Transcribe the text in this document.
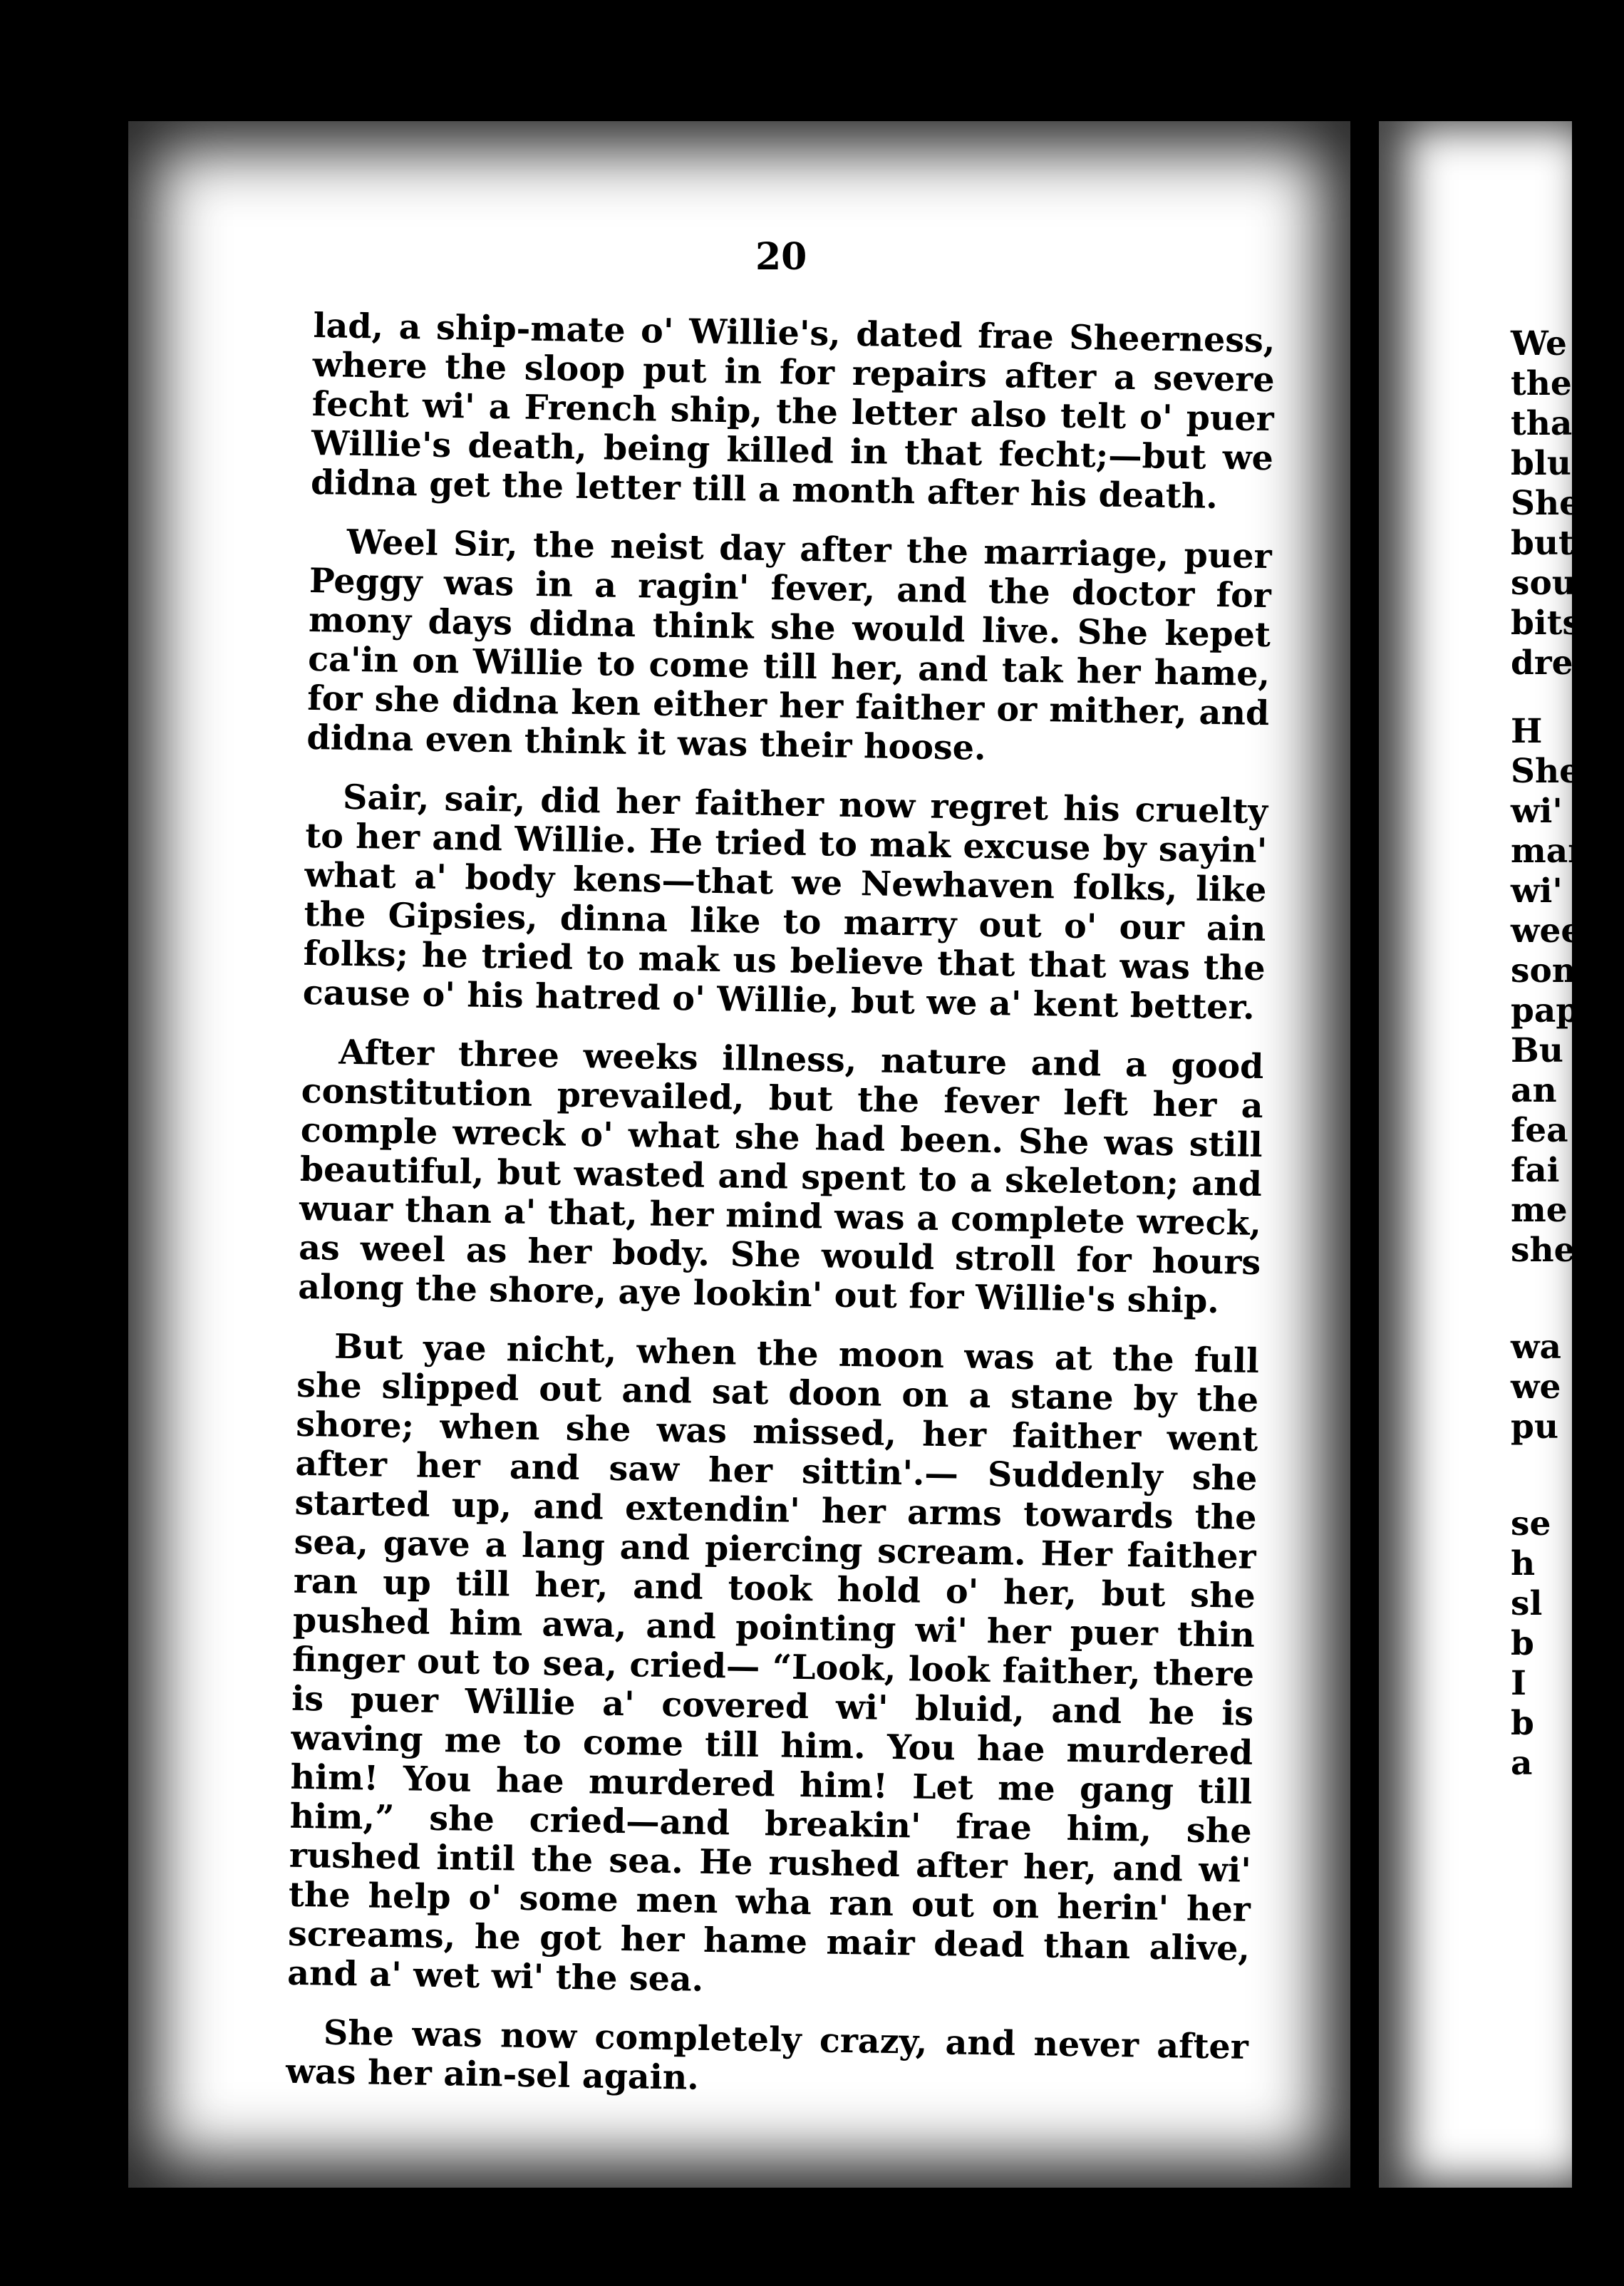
20

lad, a ship-mate o' Willie's, dated frae Sheerness, where the sloop put in for repairs after a severe fecht wi' a French ship, the letter also telt o' puer Willie's death, being killed in that fecht;—but we didna get the letter till a month after his death.

Weel Sir, the neist day after the marriage, puer Peggy was in a ragin' fever, and the doctor for mony days didna think she would live. She kepet ca'in on Willie to come till her, and tak her hame, for she didna ken either her faither or mither, and didna even think it was their hoose.

Sair, sair, did her faither now regret his cruelty to her and Willie. He tried to mak excuse by sayin' what a' body kens—that we Newhaven folks, like the Gipsies, dinna like to marry out o' our ain folks; he tried to mak us believe that that was the cause o' his hatred o' Willie, but we a' kent better.

After three weeks illness, nature and a good constitution prevailed, but the fever left her a comple wreck o' what she had been. She was still beautiful, but wasted and spent to a skeleton; and wuar than a' that, her mind was a complete wreck, as weel as her body. She would stroll for hours along the shore, aye lookin' out for Willie's ship.

But yae nicht, when the moon was at the full she slipped out and sat doon on a stane by the shore; when she was missed, her faither went after her and saw her sittin'.— Suddenly she started up, and extendin' her arms towards the sea, gave a lang and piercing scream. Her faither ran up till her, and took hold o' her, but she pushed him awa, and pointing wi' her puer thin finger out to sea, cried— “Look, look faither, there is puer Willie a' covered wi' bluid, and he is waving me to come till him. You hae murdered him! You hae murdered him! Let me gang till him,” she cried—and breakin' frae him, she rushed intil the sea. He rushed after her, and wi' the help o' some men wha ran out on herin' her screams, he got her hame mair dead than alive, and a' wet wi' the sea.

She was now completely crazy, and never after was her ain-sel again.

We
the I
that v
bluid
She r
but :
sough
bits c
dress
H
She
wi'
man
wi'
wee
som
pap
Bu
an
fea
fai
me
she
wa
we
pu
se
h
sl
b
I
b
a
